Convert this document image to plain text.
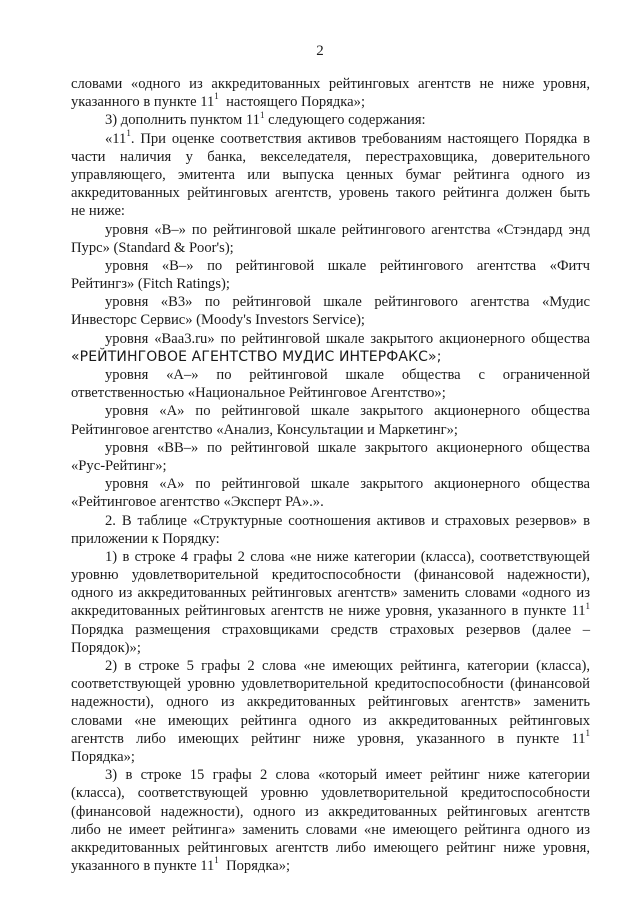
2
словами «одного из аккредитованных рейтинговых агентств не ниже уровня,
указанного в пункте $11^1$  настоящего Порядка»;
3) дополнить пунктом $11^1$ следующего содержания:
«$11^1$. При оценке соответствия активов требованиям настоящего Порядка в
части наличия у банка, векселедателя, перестраховщика, доверительного
управляющего, эмитента или выпуска ценных бумаг рейтинга одного из
аккредитованных рейтинговых агентств, уровень такого рейтинга должен быть
не ниже:
уровня «В–» по рейтинговой шкале рейтингового агентства «Стэндард энд
Пурс» (Standard & Poor's);
уровня «В–» по рейтинговой шкале рейтингового агентства «Фитч
Рейтингз» (Fitch Ratings);
уровня «В3» по рейтинговой шкале рейтингового агентства «Мудис
Инвесторс Сервис» (Moody's Investors Service);
уровня «Ваа3.ru» по рейтинговой шкале закрытого акционерного общества
«РЕЙТИНГОВОЕ АГЕНТСТВО МУДИС ИНТЕРФАКС»;
уровня «А–» по рейтинговой шкале общества с ограниченной
ответственностью «Национальное Рейтинговое Агентство»;
уровня «А» по рейтинговой шкале закрытого акционерного общества
Рейтинговое агентство «Анализ, Консультации и Маркетинг»;
уровня «ВВ–» по рейтинговой шкале закрытого акционерного общества
«Рус-Рейтинг»;
уровня «А» по рейтинговой шкале закрытого акционерного общества
«Рейтинговое агентство «Эксперт РА».».
2. В таблице «Структурные соотношения активов и страховых резервов» в
приложении к Порядку:
1) в строке 4 графы 2 слова «не ниже категории (класса), соответствующей
уровню удовлетворительной кредитоспособности (финансовой надежности),
одного из аккредитованных рейтинговых агентств» заменить словами «одного из
аккредитованных рейтинговых агентств не ниже уровня, указанного в пункте $11^1$
Порядка размещения страховщиками средств страховых резервов (далее –
Порядок)»;
2) в строке 5 графы 2 слова «не имеющих рейтинга, категории (класса),
соответствующей уровню удовлетворительной кредитоспособности (финансовой
надежности), одного из аккредитованных рейтинговых агентств» заменить
словами «не имеющих рейтинга одного из аккредитованных рейтинговых
агентств либо имеющих рейтинг ниже уровня, указанного в пункте $11^1$
Порядка»;
3) в строке 15 графы 2 слова «который имеет рейтинг ниже категории
(класса), соответствующей уровню удовлетворительной кредитоспособности
(финансовой надежности), одного из аккредитованных рейтинговых агентств
либо не имеет рейтинга» заменить словами «не имеющего рейтинга одного из
аккредитованных рейтинговых агентств либо имеющего рейтинг ниже уровня,
указанного в пункте $11^1$  Порядка»;
